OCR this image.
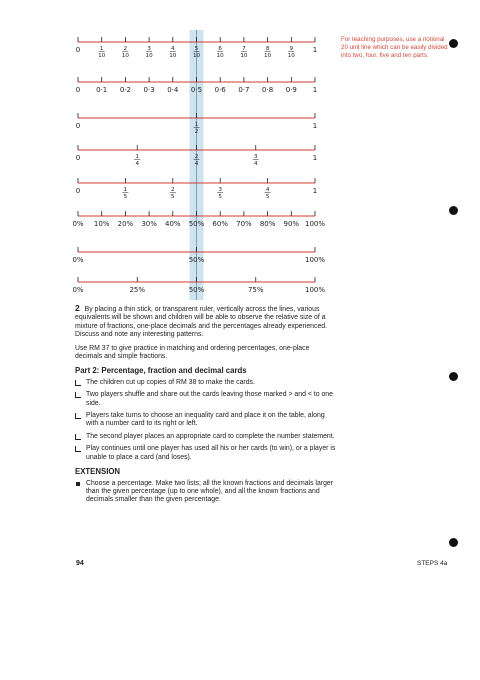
For teaching purposes, use a notional 20 unit line which can be easily divided into two, four, five and ten parts.
0	1
10
2
10
3
10
4
10
5
10
6
10
7
10
8
10
9
10
1
0 0·1 0·2 0·3 0·4 0·5 0·6 0·7 0·8 0·9 1
0	1
2
1
0	1
4
2
4
3
4
1
0	1
5
2
5
3
5
4
5
1
0% 10% 20% 30% 40% 50% 60% 70% 80% 90% 100%
0%	50%	100%
0%	25%	50%	75%	100%

2 By placing a thin stick, or transparent ruler, vertically across the lines, various equivalents will be shown and children will be able to observe the relative size of a mixture of fractions, one-place decimals and the percentages already experienced. Discuss and note any interesting patterns.

Use RM 37 to give practice in matching and ordering percentages, one-place decimals and simple fractions.

Part 2: Percentage, fraction and decimal cards
The children cut up copies of RM 38 to make the cards.
Two players shuffle and share out the cards leaving those marked > and < to one side.
Players take turns to choose an inequality card and place it on the table, along with a number card to its right or left.
The second player places an appropriate card to complete the number statement.
Play continues until one player has used all his or her cards (to win), or a player is unable to place a card (and loses).
EXTENSION
Choose a percentage. Make two lists; all the known fractions and decimals larger than the given percentage (up to one whole), and all the known fractions and decimals smaller than the given percentage.
94	STEPS 4a
